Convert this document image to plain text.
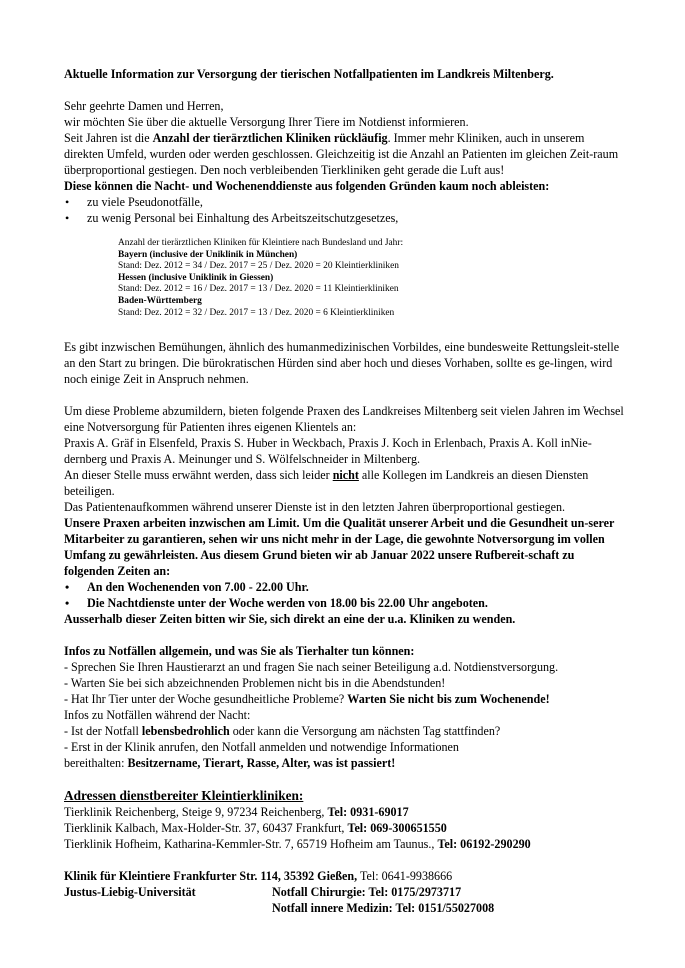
Aktuelle Information zur Versorgung der tierischen Notfallpatienten im Landkreis Miltenberg.

Sehr geehrte Damen und Herren,

wir möchten Sie über die aktuelle Versorgung Ihrer Tiere im Notdienst informieren.

Seit Jahren ist die Anzahl der tierärztlichen Kliniken rückläufig. Immer mehr Kliniken, auch in unserem direkten Umfeld, wurden oder werden geschlossen. Gleichzeitig ist die Anzahl an Patienten im gleichen Zeit-raum überproportional gestiegen. Den noch verbleibenden Tierkliniken geht gerade die Luft aus!

Diese können die Nacht- und Wochenenddienste aus folgenden Gründen kaum noch ableisten:

• zu viele Pseudonotfälle,
• zu wenig Personal bei Einhaltung des Arbeitszeitschutzgesetzes,

Anzahl der tierärztlichen Kliniken für Kleintiere nach Bundesland und Jahr:

Bayern (inclusive der Uniklinik in München)

Stand: Dez. 2012 = 34 / Dez. 2017 = 25 / Dez. 2020 = 20 Kleintierkliniken

Hessen (inclusive Uniklinik in Giessen)

Stand: Dez. 2012 = 16 / Dez. 2017 = 13 / Dez. 2020 = 11 Kleintierkliniken

Baden-Württemberg

Stand: Dez. 2012 = 32 / Dez. 2017 = 13 / Dez. 2020 = 6 Kleintierkliniken

Es gibt inzwischen Bemühungen, ähnlich des humanmedizinischen Vorbildes, eine bundesweite Rettungsleit-stelle an den Start zu bringen. Die bürokratischen Hürden sind aber hoch und dieses Vorhaben, sollte es ge-lingen, wird noch einige Zeit in Anspruch nehmen.

Um diese Probleme abzumildern, bieten folgende Praxen des Landkreises Miltenberg seit vielen Jahren im Wechsel eine Notversorgung für Patienten ihres eigenen Klientels an:

Praxis A. Gräf in Elsenfeld, Praxis S. Huber in Weckbach, Praxis J. Koch in Erlenbach, Praxis A. Koll inNie-dernberg und Praxis A. Meinunger und S. Wölfelschneider in Miltenberg.

An dieser Stelle muss erwähnt werden, dass sich leider nicht alle Kollegen im Landkreis an diesen Diensten beteiligen.

Das Patientenaufkommen während unserer Dienste ist in den letzten Jahren überproportional gestiegen.

Unsere Praxen arbeiten inzwischen am Limit. Um die Qualität unserer Arbeit und die Gesundheit un-serer Mitarbeiter zu garantieren, sehen wir uns nicht mehr in der Lage, die gewohnte Notversorgung im vollen Umfang zu gewährleisten. Aus diesem Grund bieten wir ab Januar 2022 unsere Rufbereit-schaft zu folgenden Zeiten an:

• An den Wochenenden von 7.00 - 22.00 Uhr.
• Die Nachtdienste unter der Woche werden von 18.00 bis 22.00 Uhr angeboten.

Ausserhalb dieser Zeiten bitten wir Sie, sich direkt an eine der u.a. Kliniken zu wenden.

Infos zu Notfällen allgemein, und was Sie als Tierhalter tun können:

- Sprechen Sie Ihren Haustierarzt an und fragen Sie nach seiner Beteiligung a.d. Notdienstversorgung.

- Warten Sie bei sich abzeichnenden Problemen nicht bis in die Abendstunden!

- Hat Ihr Tier unter der Woche gesundheitliche Probleme? Warten Sie nicht bis zum Wochenende!

Infos zu Notfällen während der Nacht:

- Ist der Notfall lebensbedrohlich oder kann die Versorgung am nächsten Tag stattfinden?

- Erst in der Klinik anrufen, den Notfall anmelden und notwendige Informationen

bereithalten: Besitzername, Tierart, Rasse, Alter, was ist passiert!

Adressen dienstbereiter Kleintierkliniken:

Tierklinik Reichenberg, Steige 9, 97234 Reichenberg, Tel: 0931-69017

Tierklinik Kalbach, Max-Holder-Str. 37, 60437 Frankfurt, Tel: 069-300651550

Tierklinik Hofheim, Katharina-Kemmler-Str. 7, 65719 Hofheim am Taunus., Tel: 06192-290290

Klinik für Kleintiere Frankfurter Str. 114, 35392 Gießen, Tel: 0641-9938666

Justus-Liebig-Universität	Notfall Chirurgie: Tel: 0175/2973717
Notfall innere Medizin: Tel: 0151/55027008
